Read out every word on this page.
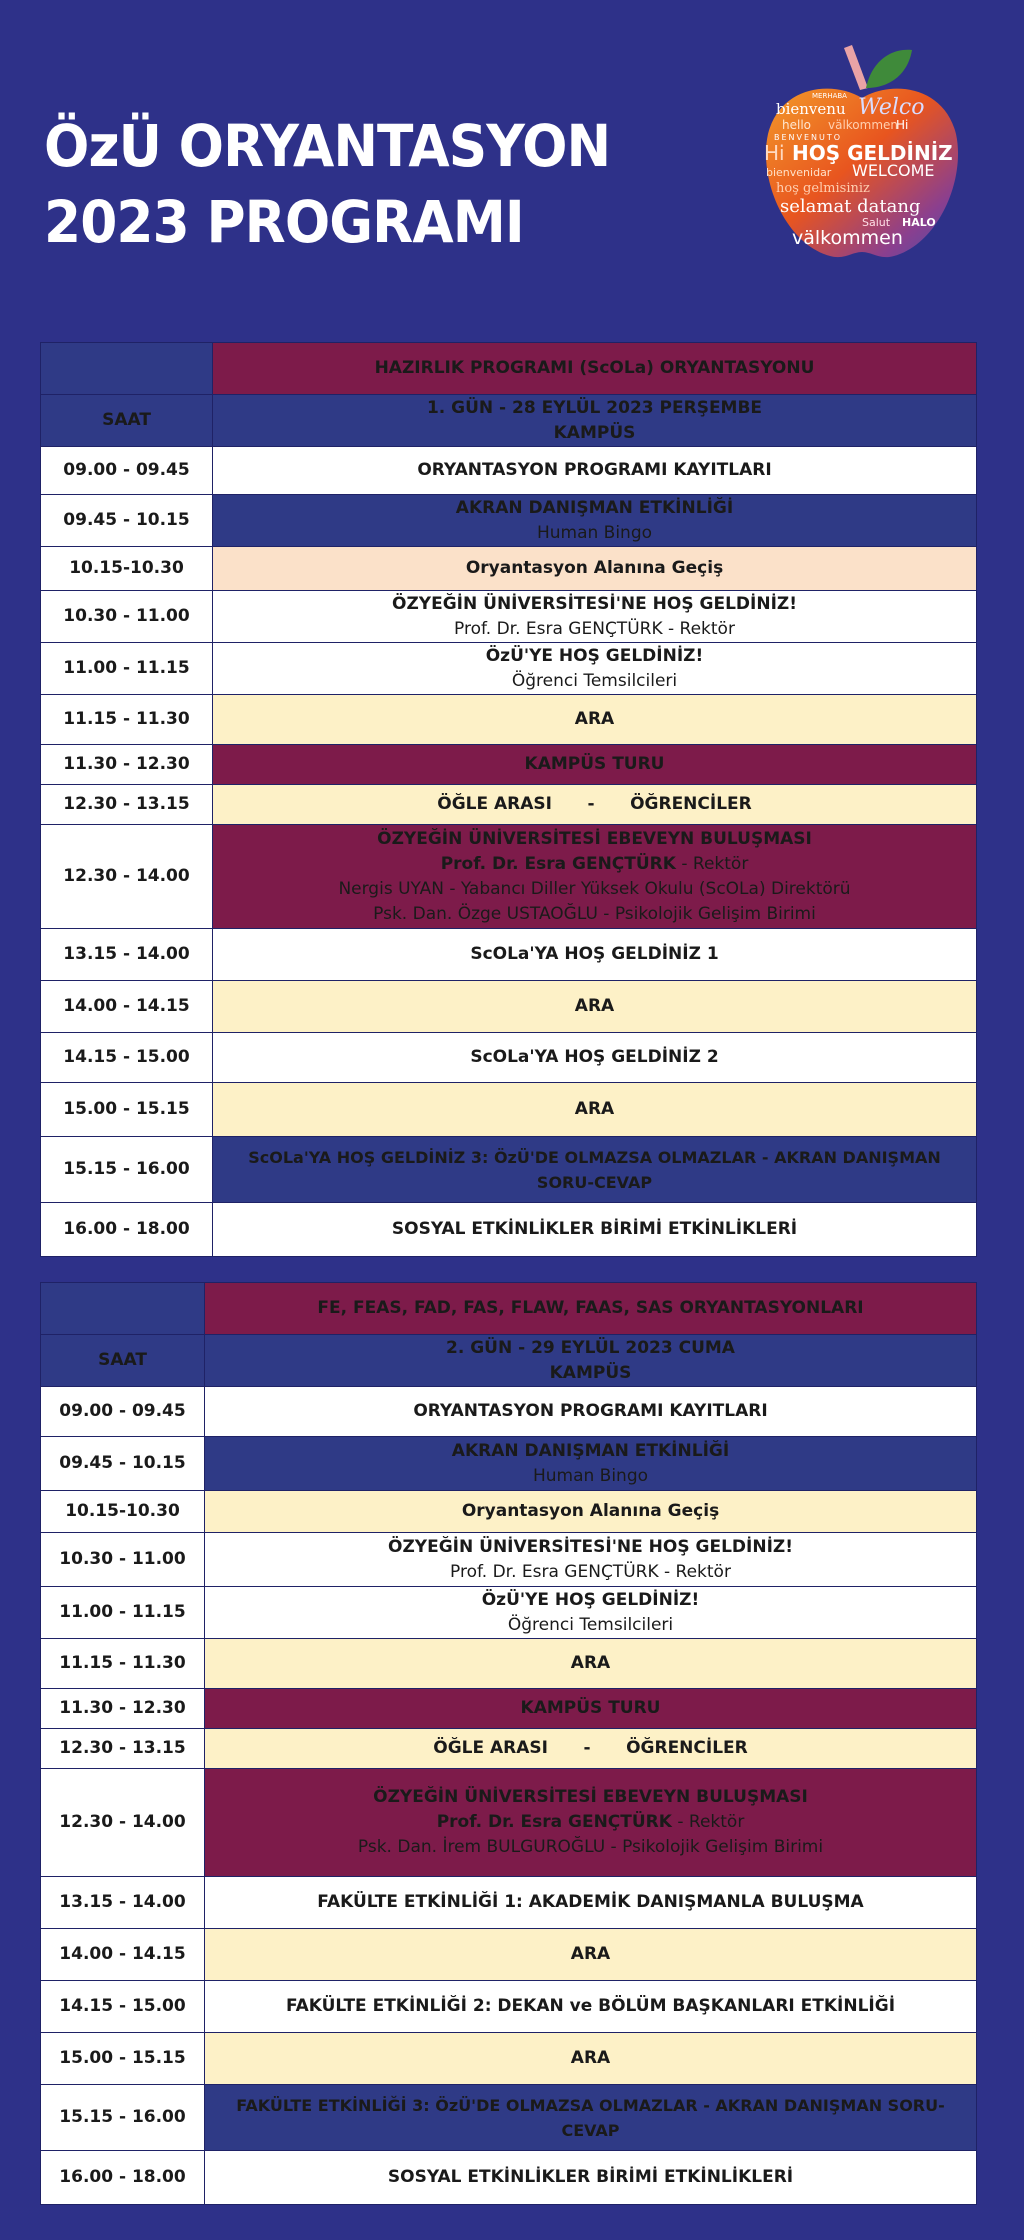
ÖzÜ ORYANTASYON
2023 PROGRAMI
MERHABA
bienvenu Welco
hello välkommen
Hi
BENVENUTO
Hi HOŞ GELDİNİZ
bienvenidar WELCOME
hoş gelmisiniz
selamat datang
Salut HALO
välkommen
	HAZIRLIK PROGRAMI (ScOLa) ORYANTASYONU
SAAT	1. GÜN - 28 EYLÜL 2023 PERŞEMBE
KAMPÜS

09.00 - 09.45	ORYANTASYON PROGRAMI KAYITLARI
09.45 - 10.15	AKRAN DANIŞMAN ETKİNLİĞİ
Human Bingo

10.15-10.30	Oryantasyon Alanına Geçiş
10.30 - 11.00	ÖZYEĞİN ÜNİVERSİTESİ'NE HOŞ GELDİNİZ!
Prof. Dr. Esra GENÇTÜRK - Rektör

11.00 - 11.15	ÖzÜ'YE HOŞ GELDİNİZ!
Öğrenci Temsilcileri

11.15 - 11.30	ARA
11.30 - 12.30	KAMPÜS TURU
12.30 - 13.15	ÖĞLE ARASI      -      ÖĞRENCİLER
12.30 - 14.00	ÖZYEĞİN ÜNİVERSİTESİ EBEVEYN BULUŞMASI
Prof. Dr. Esra GENÇTÜRK - Rektör
Nergis UYAN - Yabancı Diller Yüksek Okulu (ScOLa) Direktörü
Psk. Dan. Özge USTAOĞLU - Psikolojik Gelişim Birimi

13.15 - 14.00	ScOLa'YA HOŞ GELDİNİZ 1
14.00 - 14.15	ARA
14.15 - 15.00	ScOLa'YA HOŞ GELDİNİZ 2
15.00 - 15.15	ARA
15.15 - 16.00	ScOLa'YA HOŞ GELDİNİZ 3: ÖzÜ'DE OLMAZSA OLMAZLAR - AKRAN DANIŞMAN SORU-CEVAP
16.00 - 18.00	SOSYAL ETKİNLİKLER BİRİMİ ETKİNLİKLERİ
	FE, FEAS, FAD, FAS, FLAW, FAAS, SAS ORYANTASYONLARI
SAAT	2. GÜN - 29 EYLÜL 2023 CUMA
KAMPÜS

09.00 - 09.45	ORYANTASYON PROGRAMI KAYITLARI
09.45 - 10.15	AKRAN DANIŞMAN ETKİNLİĞİ
Human Bingo

10.15-10.30	Oryantasyon Alanına Geçiş
10.30 - 11.00	ÖZYEĞİN ÜNİVERSİTESİ'NE HOŞ GELDİNİZ!
Prof. Dr. Esra GENÇTÜRK - Rektör

11.00 - 11.15	ÖzÜ'YE HOŞ GELDİNİZ!
Öğrenci Temsilcileri

11.15 - 11.30	ARA
11.30 - 12.30	KAMPÜS TURU
12.30 - 13.15	ÖĞLE ARASI      -      ÖĞRENCİLER
12.30 - 14.00	ÖZYEĞİN ÜNİVERSİTESİ EBEVEYN BULUŞMASI
Prof. Dr. Esra GENÇTÜRK - Rektör
Psk. Dan. İrem BULGUROĞLU - Psikolojik Gelişim Birimi

13.15 - 14.00	FAKÜLTE ETKİNLİĞİ 1: AKADEMİK DANIŞMANLA BULUŞMA
14.00 - 14.15	ARA
14.15 - 15.00	FAKÜLTE ETKİNLİĞİ 2: DEKAN ve BÖLÜM BAŞKANLARI ETKİNLİĞİ
15.00 - 15.15	ARA
15.15 - 16.00	FAKÜLTE ETKİNLİĞİ 3: ÖzÜ'DE OLMAZSA OLMAZLAR - AKRAN DANIŞMAN SORU-CEVAP
16.00 - 18.00	SOSYAL ETKİNLİKLER BİRİMİ ETKİNLİKLERİ
